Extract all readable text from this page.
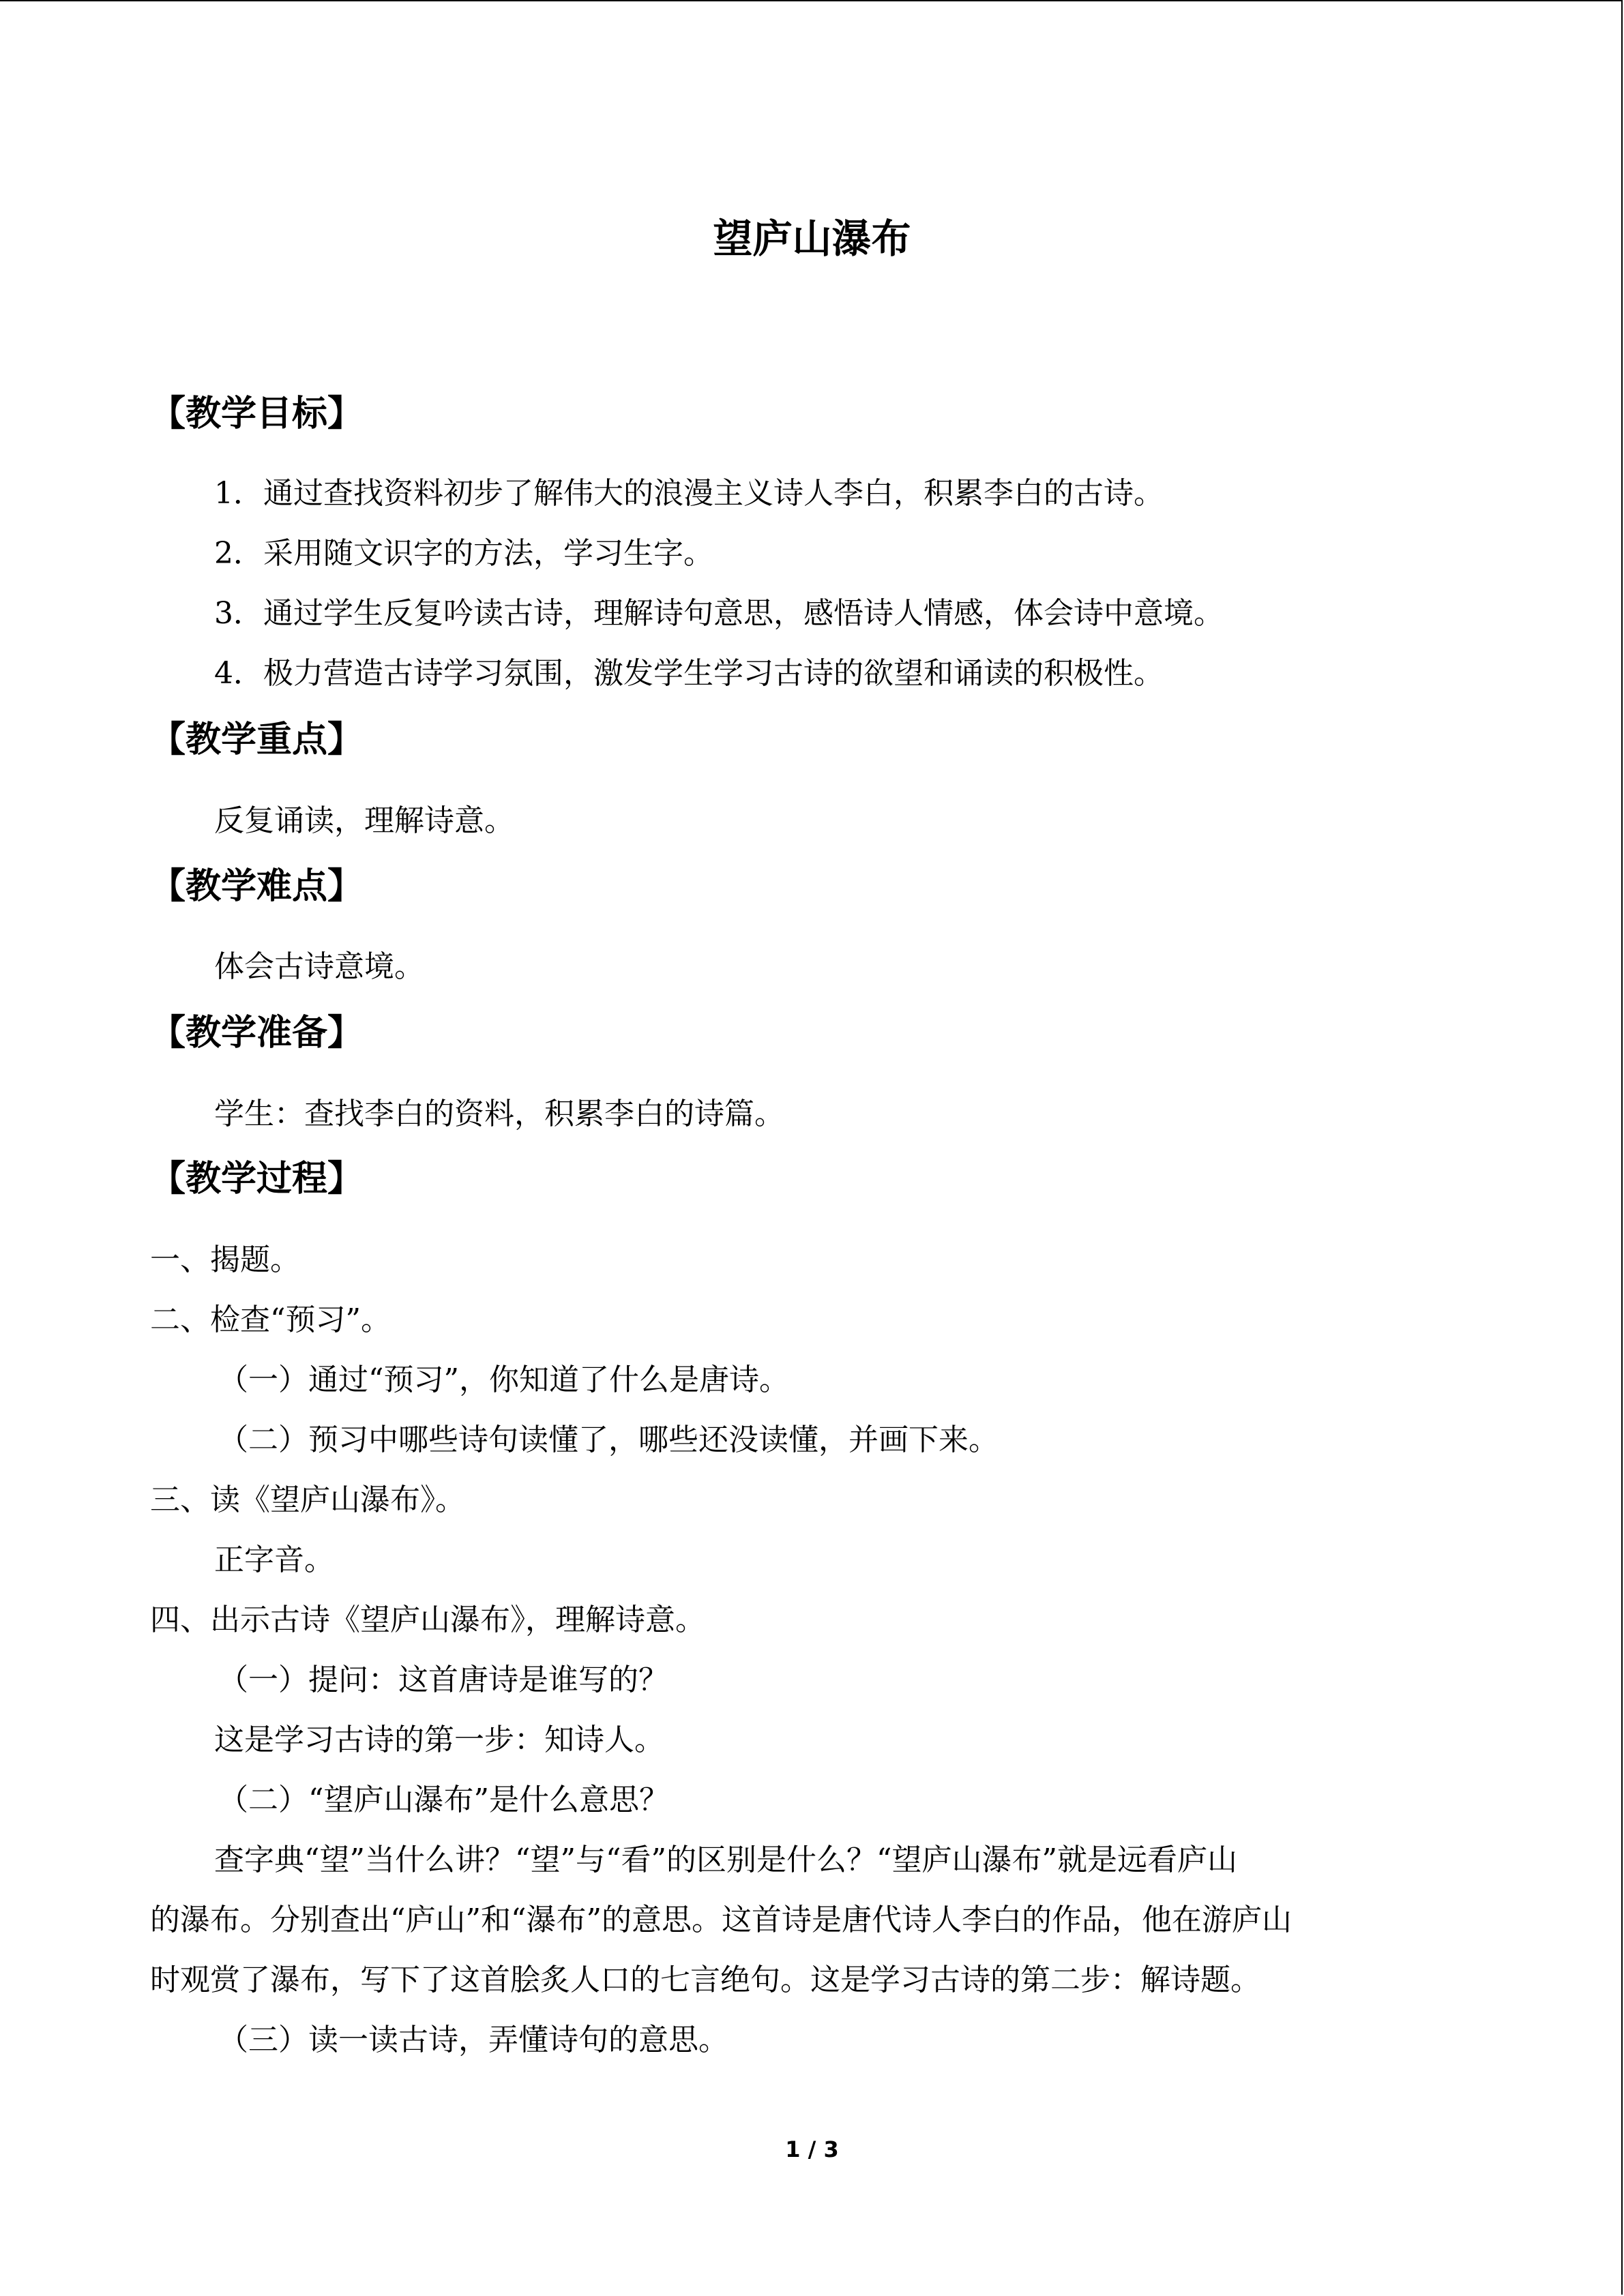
望庐山瀑布
【教学目标】
1．通过查找资料初步了解伟大的浪漫主义诗人李白，积累李白的古诗。
2．采用随文识字的方法，学习生字。
3．通过学生反复吟读古诗，理解诗句意思，感悟诗人情感，体会诗中意境。
4．极力营造古诗学习氛围，激发学生学习古诗的欲望和诵读的积极性。
【教学重点】
反复诵读，理解诗意。
【教学难点】
体会古诗意境。
【教学准备】
学生：查找李白的资料，积累李白的诗篇。
【教学过程】
一、揭题。
二、检查“预习”。
（一）通过“预习”，你知道了什么是唐诗。
（二）预习中哪些诗句读懂了，哪些还没读懂，并画下来。
三、读《望庐山瀑布》。
正字音。
四、出示古诗《望庐山瀑布》，理解诗意。
（一）提问：这首唐诗是谁写的？
这是学习古诗的第一步：知诗人。
（二）“望庐山瀑布”是什么意思？
查字典“望”当什么讲？“望”与“看”的区别是什么？“望庐山瀑布”就是远看庐山
的瀑布。分别查出“庐山”和“瀑布”的意思。这首诗是唐代诗人李白的作品，他在游庐山
时观赏了瀑布，写下了这首脍炙人口的七言绝句。这是学习古诗的第二步：解诗题。
（三）读一读古诗，弄懂诗句的意思。
1 / 3
